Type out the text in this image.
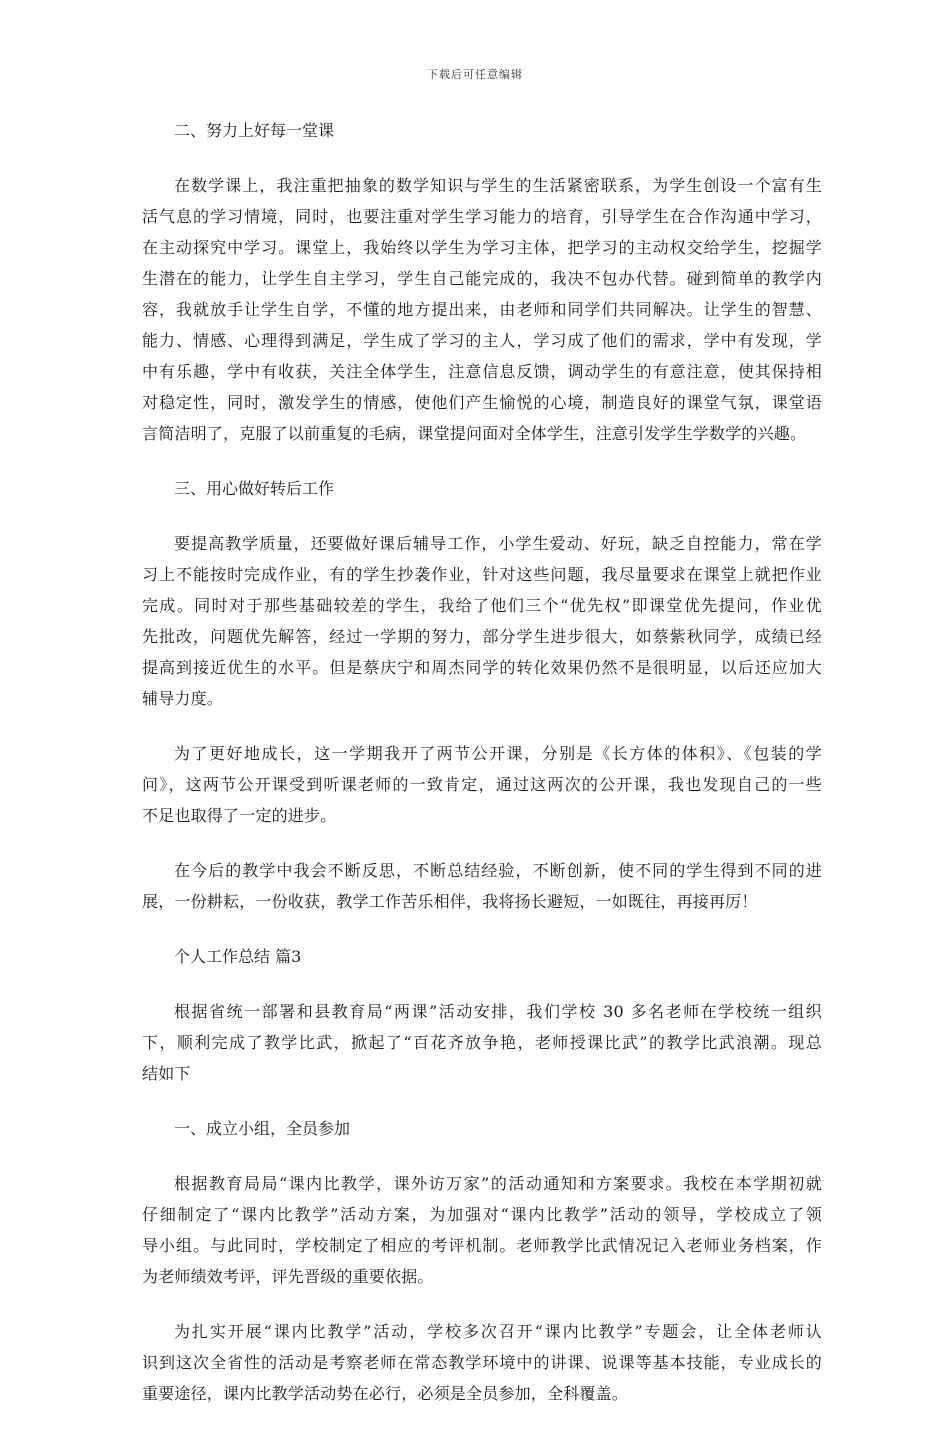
下载后可任意编辑
二、努力上好每一堂课
在数学课上，我注重把抽象的数学知识与学生的生活紧密联系，为学生创设一个富有生
活气息的学习情境，同时，也要注重对学生学习能力的培育，引导学生在合作沟通中学习，
在主动探究中学习。课堂上，我始终以学生为学习主体，把学习的主动权交给学生，挖掘学
生潜在的能力，让学生自主学习，学生自己能完成的，我决不包办代替。碰到简单的教学内
容，我就放手让学生自学，不懂的地方提出来，由老师和同学们共同解决。让学生的智慧、
能力、情感、心理得到满足，学生成了学习的主人，学习成了他们的需求，学中有发现，学
中有乐趣，学中有收获，关注全体学生，注意信息反馈，调动学生的有意注意，使其保持相
对稳定性，同时，激发学生的情感，使他们产生愉悦的心境，制造良好的课堂气氛，课堂语
言简洁明了，克服了以前重复的毛病，课堂提问面对全体学生，注意引发学生学数学的兴趣。
三、用心做好转后工作
要提高教学质量，还要做好课后辅导工作，小学生爱动、好玩，缺乏自控能力，常在学
习上不能按时完成作业，有的学生抄袭作业，针对这些问题，我尽量要求在课堂上就把作业
完成。同时对于那些基础较差的学生，我给了他们三个“优先权”即课堂优先提问，作业优
先批改，问题优先解答，经过一学期的努力，部分学生进步很大，如蔡紫秋同学，成绩已经
提高到接近优生的水平。但是蔡庆宁和周杰同学的转化效果仍然不是很明显，以后还应加大
辅导力度。
为了更好地成长，这一学期我开了两节公开课，分别是《长方体的体积》、《包装的学
问》，这两节公开课受到听课老师的一致肯定，通过这两次的公开课，我也发现自己的一些
不足也取得了一定的进步。
在今后的教学中我会不断反思，不断总结经验，不断创新，使不同的学生得到不同的进
展，一份耕耘，一份收获，教学工作苦乐相伴，我将扬长避短，一如既往，再接再厉！
个人工作总结 篇3
根据省统一部署和县教育局“两课”活动安排，我们学校 30 多名老师在学校统一组织
下，顺利完成了教学比武，掀起了“百花齐放争艳，老师授课比武”的教学比武浪潮。现总
结如下
一、成立小组，全员参加
根据教育局局“课内比教学，课外访万家”的活动通知和方案要求。我校在本学期初就
仔细制定了“课内比教学”活动方案，为加强对“课内比教学”活动的领导，学校成立了领
导小组。与此同时，学校制定了相应的考评机制。老师教学比武情况记入老师业务档案，作
为老师绩效考评，评先晋级的重要依据。
为扎实开展“课内比教学”活动，学校多次召开“课内比教学”专题会，让全体老师认
识到这次全省性的活动是考察老师在常态教学环境中的讲课、说课等基本技能，专业成长的
重要途径，课内比教学活动势在必行，必须是全员参加，全科覆盖。
